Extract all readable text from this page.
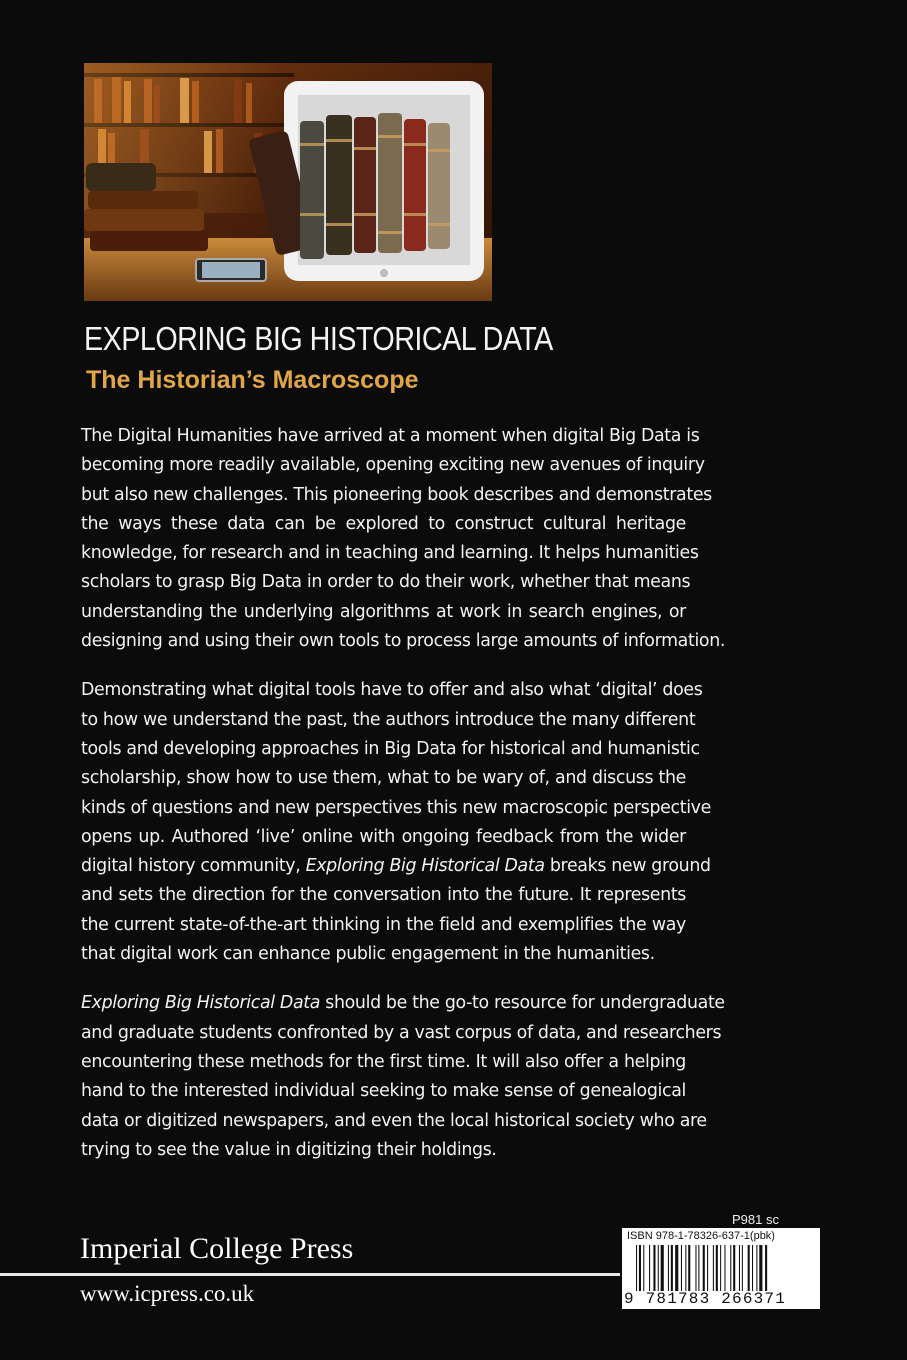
EXPLORING BIG HISTORICAL DATA
The Historian’s Macroscope

The Digital Humanities have arrived at a moment when digital Big Data is
becoming more readily available, opening exciting new avenues of inquiry
but also new challenges. This pioneering book describes and demonstrates
the ways these data can be explored to construct cultural heritage
knowledge, for research and in teaching and learning. It helps humanities
scholars to grasp Big Data in order to do their work, whether that means
understanding the underlying algorithms at work in search engines, or
designing and using their own tools to process large amounts of information.

Demonstrating what digital tools have to offer and also what ‘digital’ does
to how we understand the past, the authors introduce the many different
tools and developing approaches in Big Data for historical and humanistic
scholarship, show how to use them, what to be wary of, and discuss the
kinds of questions and new perspectives this new macroscopic perspective
opens up. Authored ‘live’ online with ongoing feedback from the wider
digital history community, Exploring Big Historical Data breaks new ground
and sets the direction for the conversation into the future. It represents
the current state-of-the-art thinking in the field and exemplifies the way
that digital work can enhance public engagement in the humanities.

Exploring Big Historical Data should be the go-to resource for undergraduate
and graduate students confronted by a vast corpus of data, and researchers
encountering these methods for the first time. It will also offer a helping
hand to the interested individual seeking to make sense of genealogical
data or digitized newspapers, and even the local historical society who are
trying to see the value in digitizing their holdings.

P981 sc
Imperial College Press
www.icpress.co.uk
ISBN 978-1-78326-637-1(pbk)
9 781783 266371
